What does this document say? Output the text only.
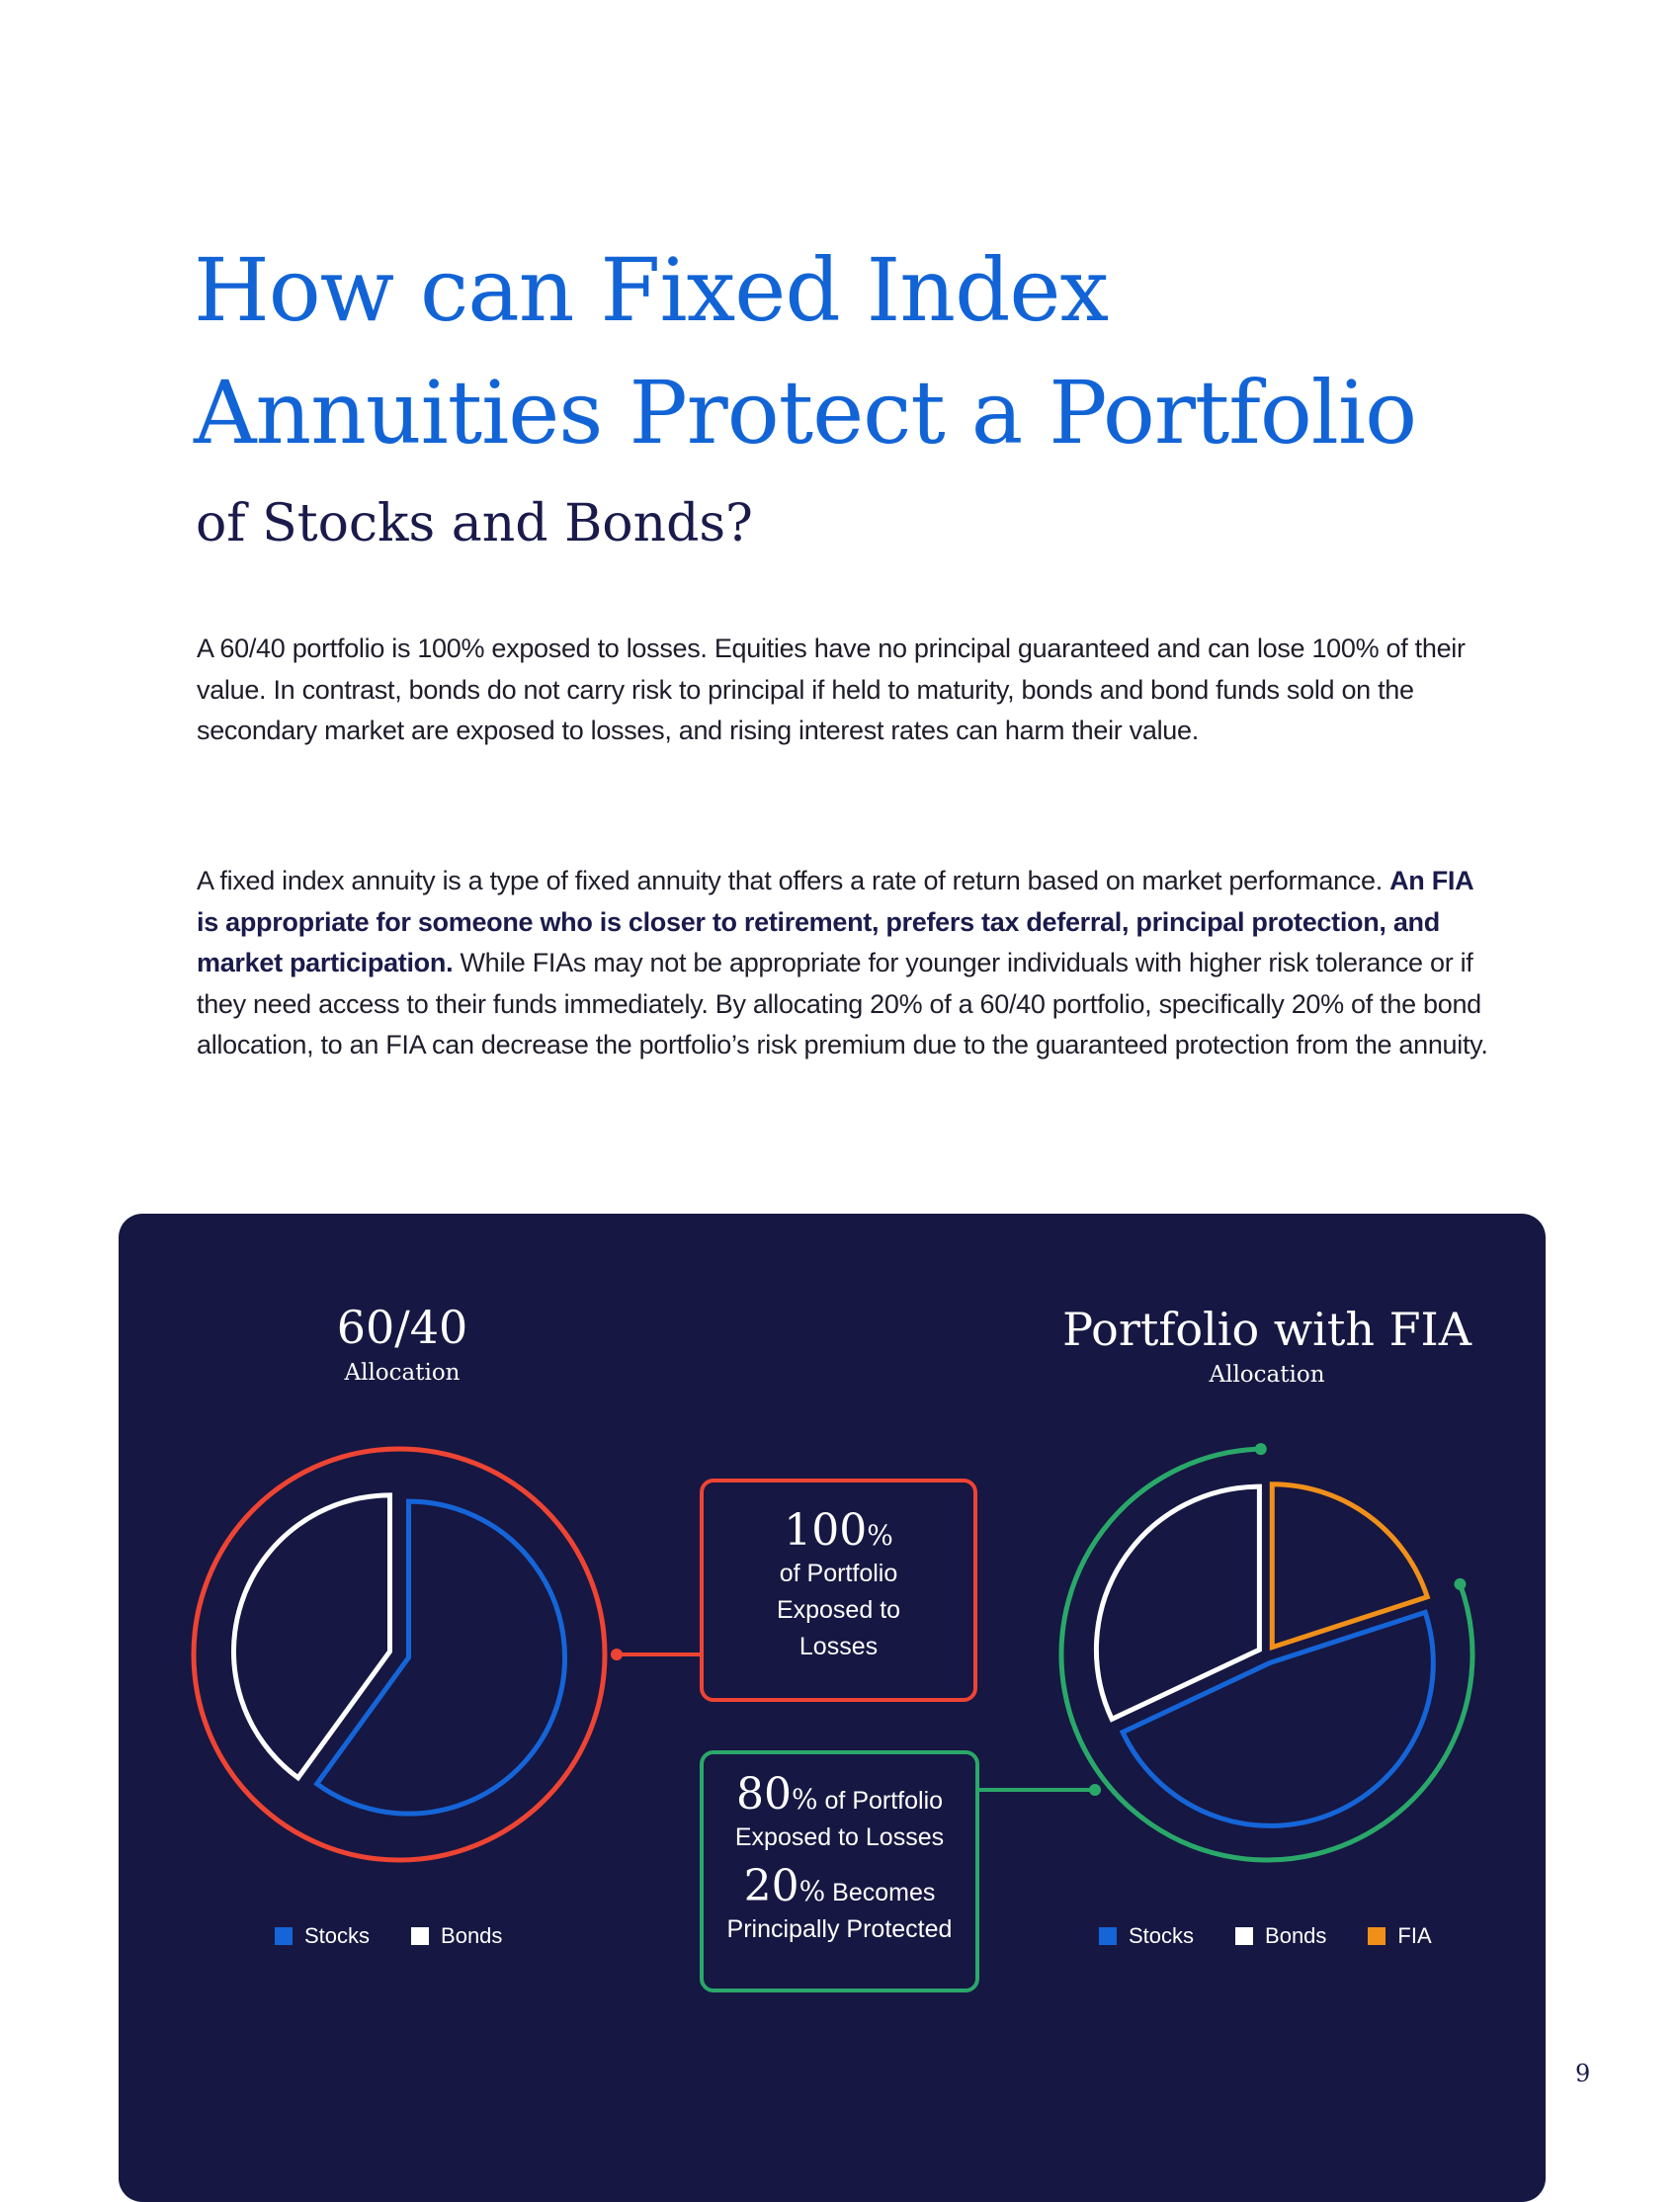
How can Fixed Index
Annuities Protect a Portfolio
of Stocks and Bonds?

A 60/40 portfolio is 100% exposed to losses. Equities have no principal guaranteed and can lose 100% of their value. In contrast, bonds do not carry risk to principal if held to maturity, bonds and bond funds sold on the secondary market are exposed to losses, and rising interest rates can harm their value.

A fixed index annuity is a type of fixed annuity that offers a rate of return based on market performance. An FIA is appropriate for someone who is closer to retirement, prefers tax deferral, principal protection, and market participation. While FIAs may not be appropriate for younger individuals with higher risk tolerance or if they need access to their funds immediately. By allocating 20% of a 60/40 portfolio, specifically 20% of the bond allocation, to an FIA can decrease the portfolio’s risk premium due to the guaranteed protection from the annuity.

60/40
Allocation
Portfolio with FIA
Allocation
100%
of Portfolio
Exposed to
Losses
80% of Portfolio
Exposed to Losses
20% Becomes
Principally Protected
Stocks	Bonds	Stocks	Bonds	FIA
9
